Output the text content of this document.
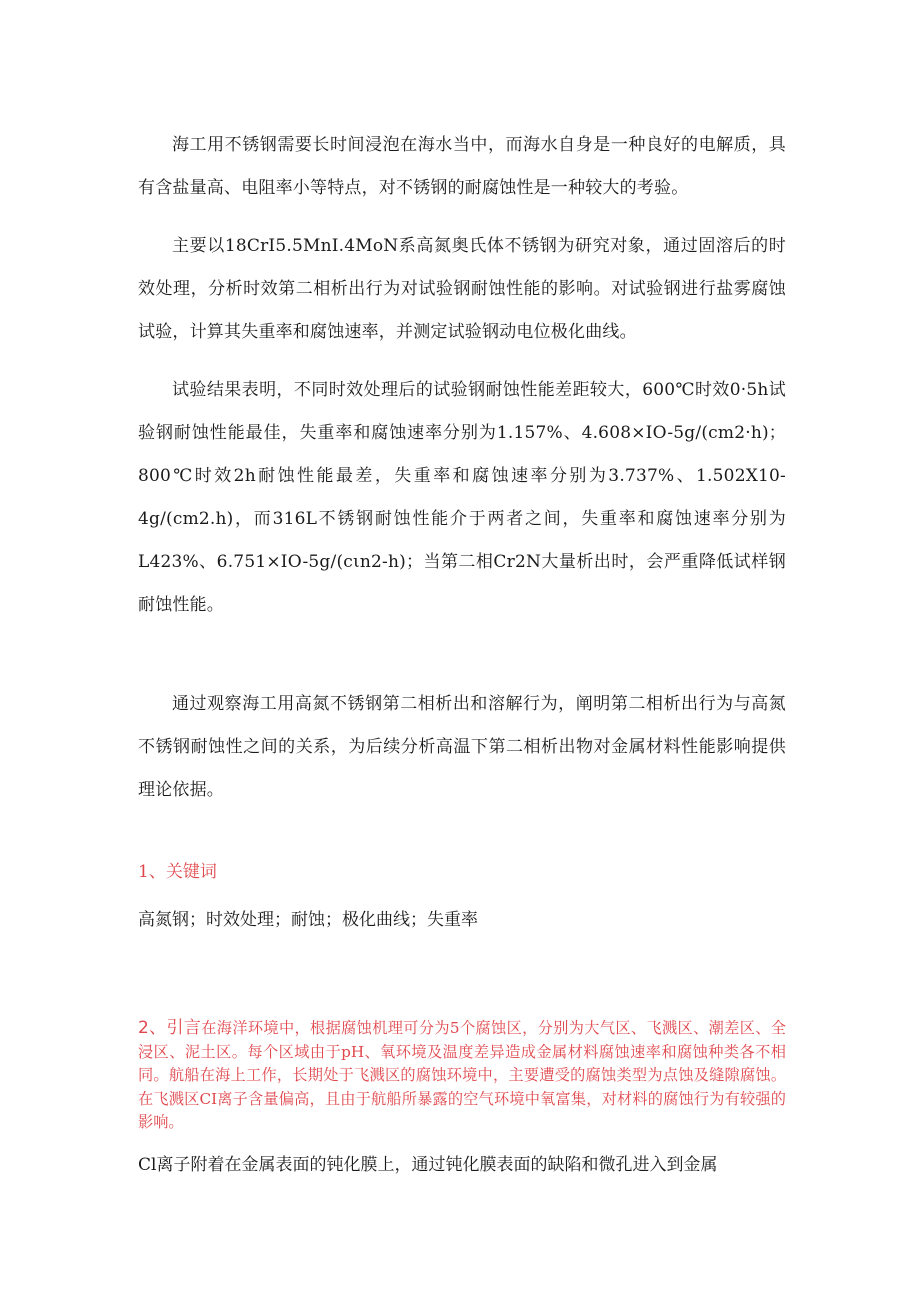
海工用不锈钢需要长时间浸泡在海水当中，而海水自身是一种良好的电解质，具有含盐量高、电阻率小等特点，对不锈钢的耐腐蚀性是一种较大的考验。

主要以18CrI5.5MnI.4MoN系高氮奥氏体不锈钢为研究对象，通过固溶后的时效处理，分析时效第二相析出行为对试验钢耐蚀性能的影响。对试验钢进行盐雾腐蚀试验，计算其失重率和腐蚀速率，并测定试验钢动电位极化曲线。

试验结果表明，不同时效处理后的试验钢耐蚀性能差距较大，600℃时效0·5h试验钢耐蚀性能最佳，失重率和腐蚀速率分别为1.157%、4.608×IO-5g/(cm2·h)；800℃时效2h耐蚀性能最差，失重率和腐蚀速率分别为3.737%、1.502X10-4g/(cm2.h)，而316L不锈钢耐蚀性能介于两者之间，失重率和腐蚀速率分别为L423%、6.751×IO-5g/(cιn2-h)；当第二相Cr2N大量析出时，会严重降低试样钢耐蚀性能。

通过观察海工用高氮不锈钢第二相析出和溶解行为，阐明第二相析出行为与高氮不锈钢耐蚀性之间的关系，为后续分析高温下第二相析出物对金属材料性能影响提供理论依据。

1、关键词

高氮钢；时效处理；耐蚀；极化曲线；失重率

2、引言在海洋环境中，根据腐蚀机理可分为5个腐蚀区，分别为大气区、飞溅区、潮差区、全浸区、泥土区。每个区域由于pH、氧环境及温度差异造成金属材料腐蚀速率和腐蚀种类各不相同。航船在海上工作，长期处于飞溅区的腐蚀环境中，主要遭受的腐蚀类型为点蚀及缝隙腐蚀。在飞溅区CI离子含量偏高，且由于航船所暴露的空气环境中氧富集，对材料的腐蚀行为有较强的影响。

Cl离子附着在金属表面的钝化膜上，通过钝化膜表面的缺陷和微孔进入到金属
